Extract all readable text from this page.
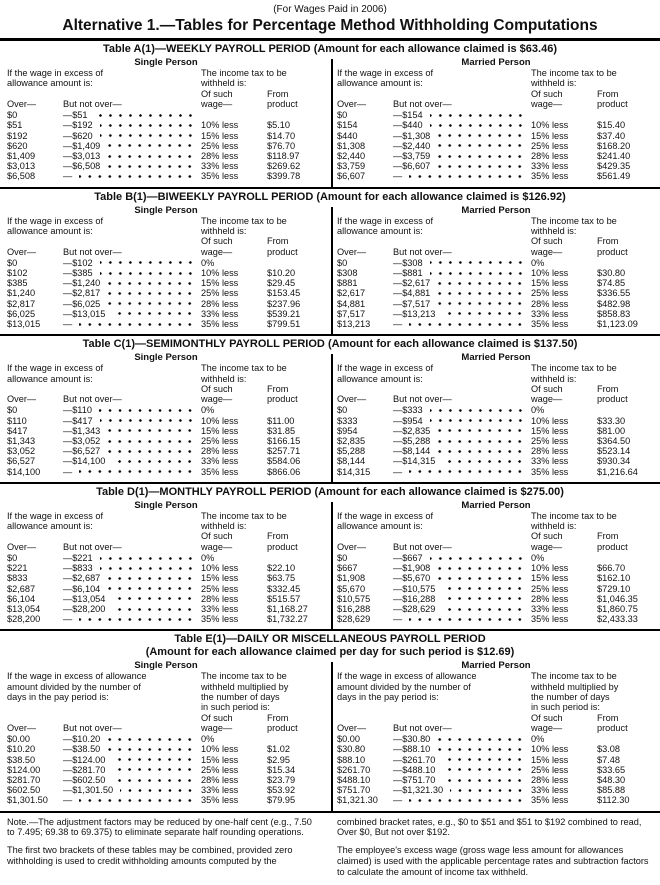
(For Wages Paid in 2006)
Alternative 1.—Tables for Percentage Method Withholding Computations
Table A(1)—WEEKLY PAYROLL PERIOD (Amount for each allowance claimed is $63.46)
Single Person
If the wage in excess of
allowance amount is:
Over—	But not over—
The income tax to be
withheld is:
Of such	From
wage—	product
$0	—$51
$51	—$192	10% less	$5.10
$192	—$620	15% less	$14.70
$620	—$1,409	25% less	$76.70
$1,409	—$3,013	28% less	$118.97
$3,013	—$6,508	33% less	$269.62
$6,508	—	35% less	$399.78
Married Person
If the wage in excess of
allowance amount is:
Over—	But not over—
The income tax to be
withheld is:
Of such	From
wage—	product
$0	—$154
$154	—$440	10% less	$15.40
$440	—$1,308	15% less	$37.40
$1,308	—$2,440	25% less	$168.20
$2,440	—$3,759	28% less	$241.40
$3,759	—$6,607	33% less	$429.35
$6,607	—	35% less	$561.49
Table B(1)—BIWEEKLY PAYROLL PERIOD (Amount for each allowance claimed is $126.92)
Single Person
If the wage in excess of
allowance amount is:
Over—	But not over—
The income tax to be
withheld is:
Of such	From
wage—	product
$0	—$102	0%
$102	—$385	10% less	$10.20
$385	—$1,240	15% less	$29.45
$1,240	—$2,817	25% less	$153.45
$2,817	—$6,025	28% less	$237.96
$6,025	—$13,015	33% less	$539.21
$13,015	—	35% less	$799.51
Married Person
If the wage in excess of
allowance amount is:
Over—	But not over—
The income tax to be
withheld is:
Of such	From
wage—	product
$0	—$308	0%
$308	—$881	10% less	$30.80
$881	—$2,617	15% less	$74.85
$2,617	—$4,881	25% less	$336.55
$4,881	—$7,517	28% less	$482.98
$7,517	—$13,213	33% less	$858.83
$13,213	—	35% less	$1,123.09
Table C(1)—SEMIMONTHLY PAYROLL PERIOD (Amount for each allowance claimed is $137.50)
Single Person
If the wage in excess of
allowance amount is:
Over—	But not over—
The income tax to be
withheld is:
Of such	From
wage—	product
$0	—$110	0%
$110	—$417	10% less	$11.00
$417	—$1,343	15% less	$31.85
$1,343	—$3,052	25% less	$166.15
$3,052	—$6,527	28% less	$257.71
$6,527	—$14,100	33% less	$584.06
$14,100	—	35% less	$866.06
Married Person
If the wage in excess of
allowance amount is:
Over—	But not over—
The income tax to be
withheld is:
Of such	From
wage—	product
$0	—$333	0%
$333	—$954	10% less	$33.30
$954	—$2,835	15% less	$81.00
$2,835	—$5,288	25% less	$364.50
$5,288	—$8,144	28% less	$523.14
$8,144	—$14,315	33% less	$930.34
$14,315	—	35% less	$1,216.64
Table D(1)—MONTHLY PAYROLL PERIOD (Amount for each allowance claimed is $275.00)
Single Person
If the wage in excess of
allowance amount is:
Over—	But not over—
The income tax to be
withheld is:
Of such	From
wage—	product
$0	—$221	0%
$221	—$833	10% less	$22.10
$833	—$2,687	15% less	$63.75
$2,687	—$6,104	25% less	$332.45
$6,104	—$13,054	28% less	$515.57
$13,054	—$28,200	33% less	$1,168.27
$28,200	—	35% less	$1,732.27
Married Person
If the wage in excess of
allowance amount is:
Over—	But not over—
The income tax to be
withheld is:
Of such	From
wage—	product
$0	—$667	0%
$667	—$1,908	10% less	$66.70
$1,908	—$5,670	15% less	$162.10
$5,670	—$10,575	25% less	$729.10
$10,575	—$16,288	28% less	$1,046.35
$16,288	—$28,629	33% less	$1,860.75
$28,629	—	35% less	$2,433.33
Table E(1)—DAILY OR MISCELLANEOUS PAYROLL PERIOD
(Amount for each allowance claimed per day for such period is $12.69)
Single Person
If the wage in excess of allowance
amount divided by the number of
days in the pay period is:
Over—	But not over—
The income tax to be
withheld multiplied by
the number of days
in such period is:
Of such	From
wage—	product
$0.00	—$10.20	0%
$10.20	—$38.50	10% less	$1.02
$38.50	—$124.00	15% less	$2.95
$124.00	—$281.70	25% less	$15.34
$281.70	—$602.50	28% less	$23.79
$602.50	—$1,301.50	33% less	$53.92
$1,301.50	—	35% less	$79.95
Married Person
If the wage in excess of allowance
amount divided by the number of
days in the pay period is:
Over—	But not over—
The income tax to be
withheld multiplied by
the number of days
in such period is:
Of such	From
wage—	product
$0.00	—$30.80	0%
$30.80	—$88.10	10% less	$3.08
$88.10	—$261.70	15% less	$7.48
$261.70	—$488.10	25% less	$33.65
$488.10	—$751.70	28% less	$48.30
$751.70	—$1,321.30	33% less	$85.88
$1,321.30	—	35% less	$112.30

Note.—The adjustment factors may be reduced by one-half cent (e.g., 7.50 to 7.495; 69.38 to 69.375) to eliminate separate half rounding operations.

The first two brackets of these tables may be combined, provided zero withholding is used to credit withholding amounts computed by the

combined bracket rates, e.g., $0 to $51 and $51 to $192 combined to read, Over $0, But not over $192.

The employee's excess wage (gross wage less amount for allowances claimed) is used with the applicable percentage rates and subtraction factors to calculate the amount of income tax withheld.
